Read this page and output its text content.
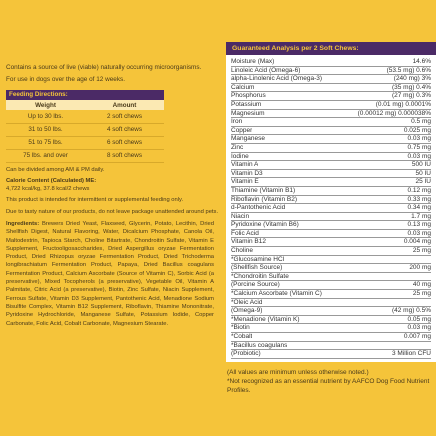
Contains a source of live (viable) naturally occurring microorganisms.
For use in dogs over the age of 12 weeks.
Feeding Directions:
Weight	Amount
Up to 30 lbs.	2 soft chews
31 to 50 lbs.	4 soft chews
51 to 75 lbs.	6 soft chews
75 lbs. and over	8 soft chews
Can be divided among AM & PM daily.
Calorie Content (Calculated) ME:
4,722 kcal/kg, 37.8 kcal/2 chews
This product is intended for intermittent or supplemental feeding only.
Due to tasty nature of our products, do not leave package unattended around pets.
Ingredients: Brewers Dried Yeast, Flaxseed, Glycerin, Potato, Lecithin, Dried Shellfish Digest, Natural Flavoring, Water, Dicalcium Phosphate, Canola Oil, Maltodextrin, Tapioca Starch, Choline Bitartrate, Chondroitin Sulfate, Vitamin E Supplement, Fructooligosaccharides, Dried Aspergillus oryzae Fermentation Product, Dried Rhizopus oryzae Fermentation Product, Dried Trichoderma longibrachiatum Fermentation Product, Papaya, Dried Bacillus coagulans Fermentation Product, Calcium Ascorbate (Source of Vitamin C), Sorbic Acid (a preservative), Mixed Tocopherols (a preservative), Vegetable Oil, Vitamin A Palmitate, Citric Acid (a preservative), Biotin, Zinc Sulfate, Niacin Supplement, Ferrous Sulfate, Vitamin D3 Supplement, Pantothenic Acid, Menadione Sodium Bisulfite Complex, Vitamin B12 Supplement, Riboflavin, Thiamine Mononitrate, Pyridoxine Hydrochloride, Manganese Sulfate, Potassium Iodide, Copper Carbonate, Folic Acid, Cobalt Carbonate, Magnesium Stearate.
Guaranteed Analysis per 2 Soft Chews:
Moisture (Max)	14.6%
Linoleic Acid (Omega-6)	(53.5 mg) 0.6%
alpha-Linolenic Acid (Omega-3)	(240 mg) 3%
Calcium	(35 mg) 0.4%
Phosphorus	(27 mg) 0.3%
Potassium	(0.01 mg) 0.0001%
Magnesium	(0.00012 mg) 0.000038%
Iron	0.5 mg
Copper	0.025 mg
Manganese	0.03 mg
Zinc	0.75 mg
Iodine	0.03 mg
Vitamin A	500 IU
Vitamin D3	50 IU
Vitamin E	25 IU
Thiamine (Vitamin B1)	0.12 mg
Riboflavin (Vitamin B2)	0.33 mg
d-Pantothenic Acid	0.34 mg
Niacin	1.7 mg
Pyridoxine (Vitamin B6)	0.13 mg
Folic Acid	0.03 mg
Vitamin B12	0.004 mg
Choline	25 mg
*Glucosamine HCl
(Shellfish Source)	200 mg
*Chondroitin Sulfate
(Porcine Source)	40 mg
*Calcium Ascorbate (Vitamin C)	25 mg
*Oleic Acid
(Omega-9)	(42 mg) 0.5%
*Menadione (Vitamin K)	0.05 mg
*Biotin	0.03 mg
*Cobalt	0.007 mg
*Bacillus coagulans
(Probiotic)	3 Million CFU
(All values are minimum unless otherwise noted.)
*Not recognized as an essential nutrient by AAFCO Dog Food Nutrient Profiles.
